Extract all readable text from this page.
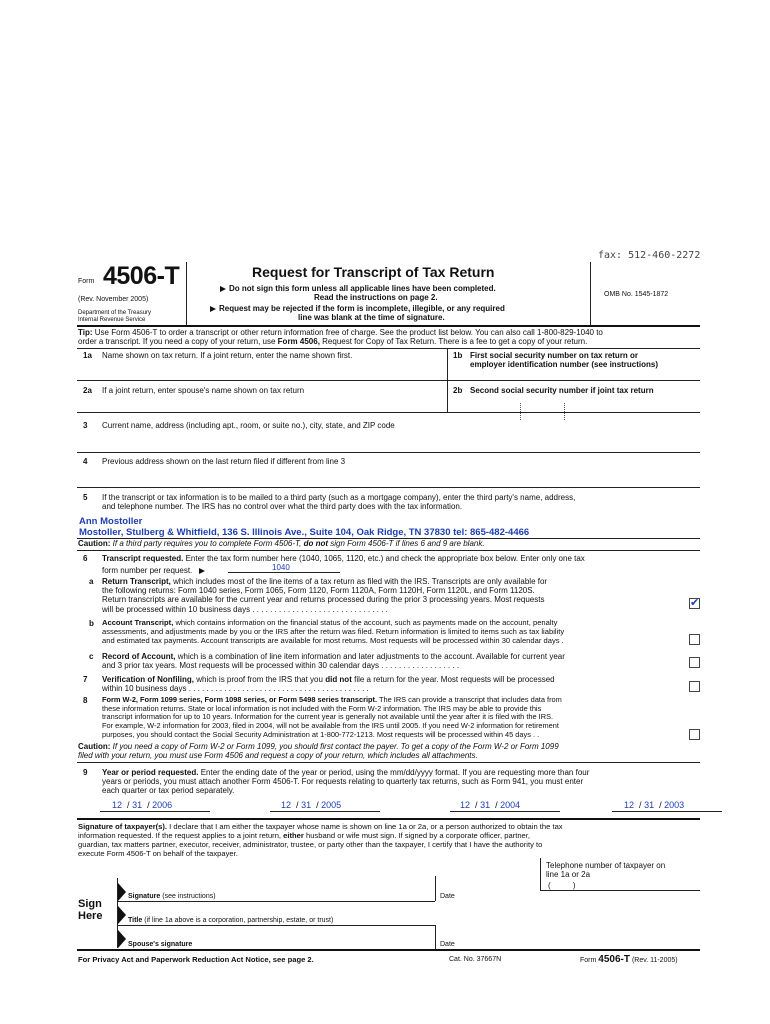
fax: 512-460-2272
Form 4506-T
(Rev. November 2005)
Department of the Treasury
Internal Revenue Service
Request for Transcript of Tax Return
Do not sign this form unless all applicable lines have been completed.
Read the instructions on page 2.
Request may be rejected if the form is incomplete, illegible, or any required
line was blank at the time of signature.
OMB No. 1545-1872
Tip: Use Form 4506-T to order a transcript or other return information free of charge. See the product list below. You can also call 1-800-829-1040 to
order a transcript. If you need a copy of your return, use Form 4506, Request for Copy of Tax Return. There is a fee to get a copy of your return.
1a Name shown on tax return. If a joint return, enter the name shown first.	1b First social security number on tax return or
employer identification number (see instructions)
2a If a joint return, enter spouse's name shown on tax return	2b Second social security number if joint tax return
3 Current name, address (including apt., room, or suite no.), city, state, and ZIP code
4 Previous address shown on the last return filed if different from line 3
5 If the transcript or tax information is to be mailed to a third party (such as a mortgage company), enter the third party's name, address,
and telephone number. The IRS has no control over what the third party does with the tax information.
Ann Mostoller
Mostoller, Stulberg & Whitfield, 136 S. Illinois Ave., Suite 104, Oak Ridge, TN 37830 tel: 865-482-4466
Caution: If a third party requires you to complete Form 4506-T, do not sign Form 4506-T if lines 6 and 9 are blank.
6 Transcript requested. Enter the tax form number here (1040, 1065, 1120, etc.) and check the appropriate box below. Enter only one tax
form number per request.	1040
a Return Transcript, which includes most of the line items of a tax return as filed with the IRS. Transcripts are only available for
the following returns: Form 1040 series, Form 1065, Form 1120, Form 1120A, Form 1120H, Form 1120L, and Form 1120S.
Return transcripts are available for the current year and returns processed during the prior 3 processing years. Most requests
will be processed within 10 business days . . . . . . . . . . . . . . . . . . . . . . . . . . . . . . .
✔
b Account Transcript, which contains information on the financial status of the account, such as payments made on the account, penalty
assessments, and adjustments made by you or the IRS after the return was filed. Return information is limited to items such as tax liability
and estimated tax payments. Account transcripts are available for most returns. Most requests will be processed within 30 calendar days .
c Record of Account, which is a combination of line item information and later adjustments to the account. Available for current year
and 3 prior tax years. Most requests will be processed within 30 calendar days . . . . . . . . . . . . . . . . . .
7 Verification of Nonfiling, which is proof from the IRS that you did not file a return for the year. Most requests will be processed
within 10 business days . . . . . . . . . . . . . . . . . . . . . . . . . . . . . . . . . . . . . . . . .
8 Form W-2, Form 1099 series, Form 1098 series, or Form 5498 series transcript. The IRS can provide a transcript that includes data from
these information returns. State or local information is not included with the Form W-2 information. The IRS may be able to provide this
transcript information for up to 10 years. Information for the current year is generally not available until the year after it is filed with the IRS.
For example, W-2 information for 2003, filed in 2004, will not be available from the IRS until 2005. If you need W-2 information for retirement
purposes, you should contact the Social Security Administration at 1-800-772-1213. Most requests will be processed within 45 days . .
Caution: If you need a copy of Form W-2 or Form 1099, you should first contact the payer. To get a copy of the Form W-2 or Form 1099
filed with your return, you must use Form 4506 and request a copy of your return, which includes all attachments.
9 Year or period requested. Enter the ending date of the year or period, using the mm/dd/yyyy format. If you are requesting more than four
years or periods, you must attach another Form 4506-T. For requests relating to quarterly tax returns, such as Form 941, you must enter
each quarter or tax period separately.
12 / 31 / 2006	12 / 31 / 2005	12 / 31 / 2004	12 / 31 / 2003
Signature of taxpayer(s). I declare that I am either the taxpayer whose name is shown on line 1a or 2a, or a person authorized to obtain the tax
information requested. If the request applies to a joint return, either husband or wife must sign. If signed by a corporate officer, partner,
guardian, tax matters partner, executor, receiver, administrator, trustee, or party other than the taxpayer, I certify that I have the authority to
execute Form 4506-T on behalf of the taxpayer.
Telephone number of taxpayer on
line 1a or 2a
(          )
Sign
Here
Signature (see instructions)	Date
Title (if line 1a above is a corporation, partnership, estate, or trust)
Spouse's signature	Date
For Privacy Act and Paperwork Reduction Act Notice, see page 2.	Cat. No. 37667N	Form 4506-T (Rev. 11-2005)
